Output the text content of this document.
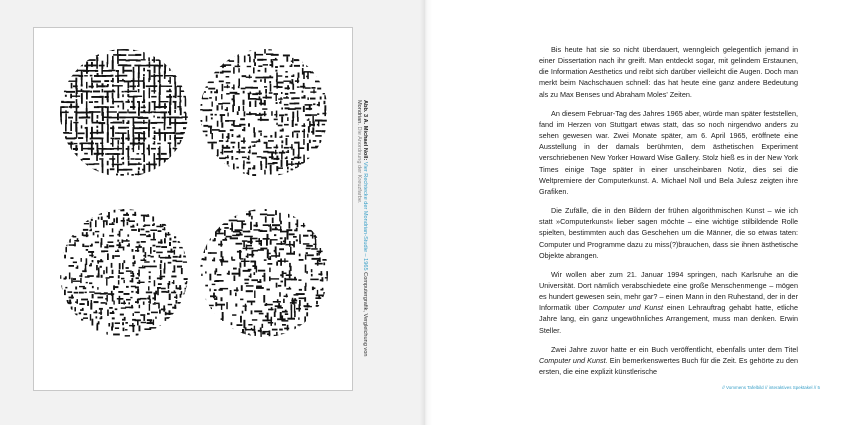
Abb. 3 A. Michael Noll: Vier Rechtecke der Mondrian-Studie – 1965 Computergrafik, Vergleichung von Mondrian. Die Anordnung der Kreuzfarbe.

Bis heute hat sie so nicht überdauert, wenngleich gelegentlich jemand in einer Dissertation nach ihr greift. Man entdeckt sogar, mit gelindem Erstaunen, die Information Aesthetics und reibt sich darüber vielleicht die Augen. Doch man merkt beim Nachschauen schnell: das hat heute eine ganz andere Bedeutung als zu Max Benses und Abraham Moles' Zeiten.

An diesem Februar-Tag des Jahres 1965 aber, würde man später feststellen, fand im Herzen von Stuttgart etwas statt, das so noch nirgendwo anders zu sehen gewesen war. Zwei Monate später, am 6. April 1965, eröffnete eine Ausstellung in der damals berühmten, dem ästhetischen Experiment verschriebenen New Yorker Howard Wise Gallery. Stolz hieß es in der New York Times einige Tage später in einer unscheinbaren Notiz, dies sei die Weltpremiere der Computerkunst. A. Michael Noll und Bela Julesz zeigten ihre Grafiken.

Die Zufälle, die in den Bildern der frühen algorithmischen Kunst – wie ich statt »Computerkunst« lieber sagen möchte – eine wichtige stilbildende Rolle spielten, bestimmten auch das Geschehen um die Männer, die so etwas taten: Computer und Programme dazu zu miss(?)brauchen, dass sie ihnen ästhetische Objekte abrangen.

Wir wollen aber zum 21. Januar 1994 springen, nach Karlsruhe an die Universität. Dort nämlich verabschiedete eine große Menschenmenge – mögen es hundert gewesen sein, mehr gar? – einen Mann in den Ruhestand, der in der Informatik über Computer und Kunst einen Lehrauftrag gehabt hatte, etliche Jahre lang, ein ganz ungewöhnliches Arrangement, muss man denken. Erwin Steller.

Zwei Jahre zuvor hatte er ein Buch veröffentlicht, ebenfalls unter dem Titel Computer und Kunst. Ein bemerkenswertes Buch für die Zeit. Es gehörte zu den ersten, die eine explizit künstlerische

// Vommens Tafelbild // interaktives Spektakel // 5
